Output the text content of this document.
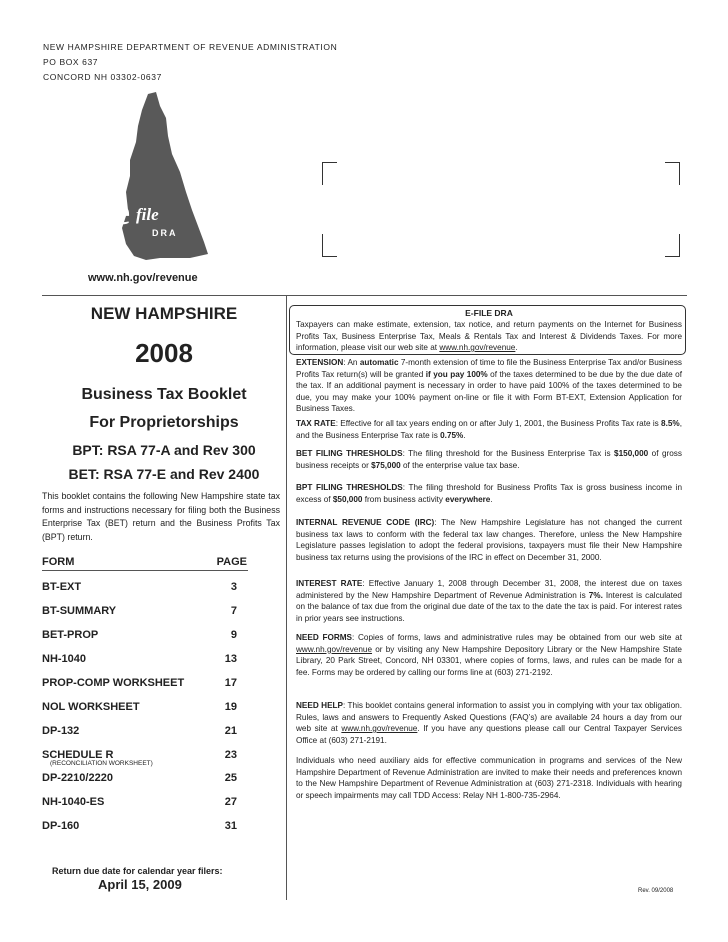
NEW HAMPSHIRE DEPARTMENT OF REVENUE ADMINISTRATION
PO BOX 637
CONCORD NH 03302-0637
e file
DRA
www.nh.gov/revenue
NEW HAMPSHIRE
2008
Business Tax Booklet
For Proprietorships
BPT: RSA 77-A and Rev 300
BET: RSA 77-E and Rev 2400
This booklet contains the following New Hampshire state tax forms and instructions necessary for filing both the Business Enterprise Tax (BET) return and the Business Profits Tax (BPT) return.
FORM	PAGE
BT-EXT	3
BT-SUMMARY	7
BET-PROP	9
NH-1040	13
PROP-COMP WORKSHEET	17
NOL WORKSHEET	19
DP-132	21
SCHEDULE R	23
(RECONCILIATION WORKSHEET)
DP-2210/2220	25
NH-1040-ES	27
DP-160	31
Return due date for calendar year filers:
April 15, 2009	Rev. 09/2008
E-FILE DRA
Taxpayers can make estimate, extension, tax notice, and return payments on the Internet for Business Profits Tax, Business Enterprise Tax, Meals & Rentals Tax and Interest & Dividends Taxes. For more information, please visit our web site at www.nh.gov/revenue.
EXTENSION: An automatic 7-month extension of time to file the Business Enterprise Tax and/or Business Profits Tax return(s) will be granted if you pay 100% of the taxes determined to be due by the due date of the tax. If an additional payment is necessary in order to have paid 100% of the taxes determined to be due, you may make your 100% payment on-line or file it with Form BT-EXT, Extension Application for Business Taxes.
TAX RATE: Effective for all tax years ending on or after July 1, 2001, the Business Profits Tax rate is 8.5%, and the Business Enterprise Tax rate is 0.75%.
BET FILING THRESHOLDS: The filing threshold for the Business Enterprise Tax is $150,000 of gross business receipts or $75,000 of the enterprise value tax base.
BPT FILING THRESHOLDS: The filing threshold for Business Profits Tax is gross business income in excess of $50,000 from business activity everywhere.
INTERNAL REVENUE CODE (IRC): The New Hampshire Legislature has not changed the current business tax laws to conform with the federal tax law changes. Therefore, unless the New Hampshire Legislature passes legislation to adopt the federal provisions, taxpayers must file their New Hampshire business tax returns using the provisions of the IRC in effect on December 31, 2000.
INTEREST RATE: Effective January 1, 2008 through December 31, 2008, the interest due on taxes administered by the New Hampshire Department of Revenue Administration is 7%. Interest is calculated on the balance of tax due from the original due date of the tax to the date the tax is paid. For interest rates in prior years see instructions.
NEED FORMS: Copies of forms, laws and administrative rules may be obtained from our web site at www.nh.gov/revenue or by visiting any New Hampshire Depository Library or the New Hampshire State Library, 20 Park Street, Concord, NH 03301, where copies of forms, laws, and rules can be made for a fee. Forms may be ordered by calling our forms line at (603) 271-2192.
NEED HELP: This booklet contains general information to assist you in complying with your tax obligation. Rules, laws and answers to Frequently Asked Questions (FAQ’s) are available 24 hours a day from our web site at www.nh.gov/revenue. If you have any questions please call our Central Taxpayer Services Office at (603) 271-2191.
Individuals who need auxiliary aids for effective communication in programs and services of the New Hampshire Department of Revenue Administration are invited to make their needs and preferences known to the New Hampshire Department of Revenue Administration at (603) 271-2318. Individuals with hearing or speech impairments may call TDD Access: Relay NH 1-800-735-2964.
